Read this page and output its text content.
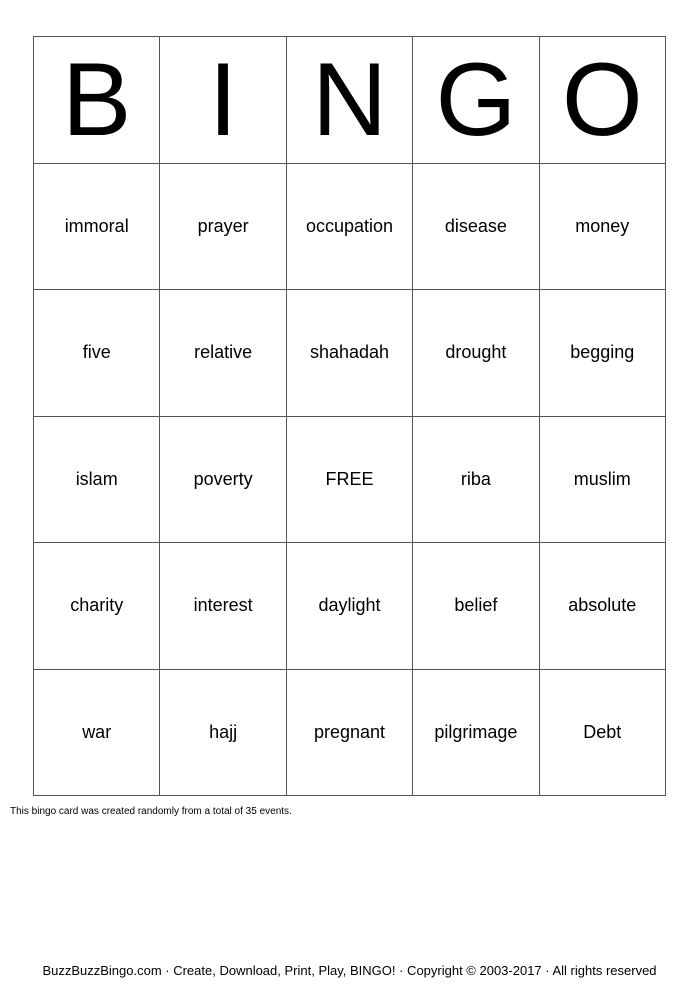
B I N G O
immoral	prayer	occupation	disease	money
five	relative	shahadah	drought	begging
islam	poverty	FREE	riba	muslim
charity	interest	daylight	belief	absolute
war	hajj	pregnant	pilgrimage	Debt
This bingo card was created randomly from a total of 35 events.
BuzzBuzzBingo.com · Create, Download, Print, Play, BINGO! · Copyright © 2003-2017 · All rights reserved
